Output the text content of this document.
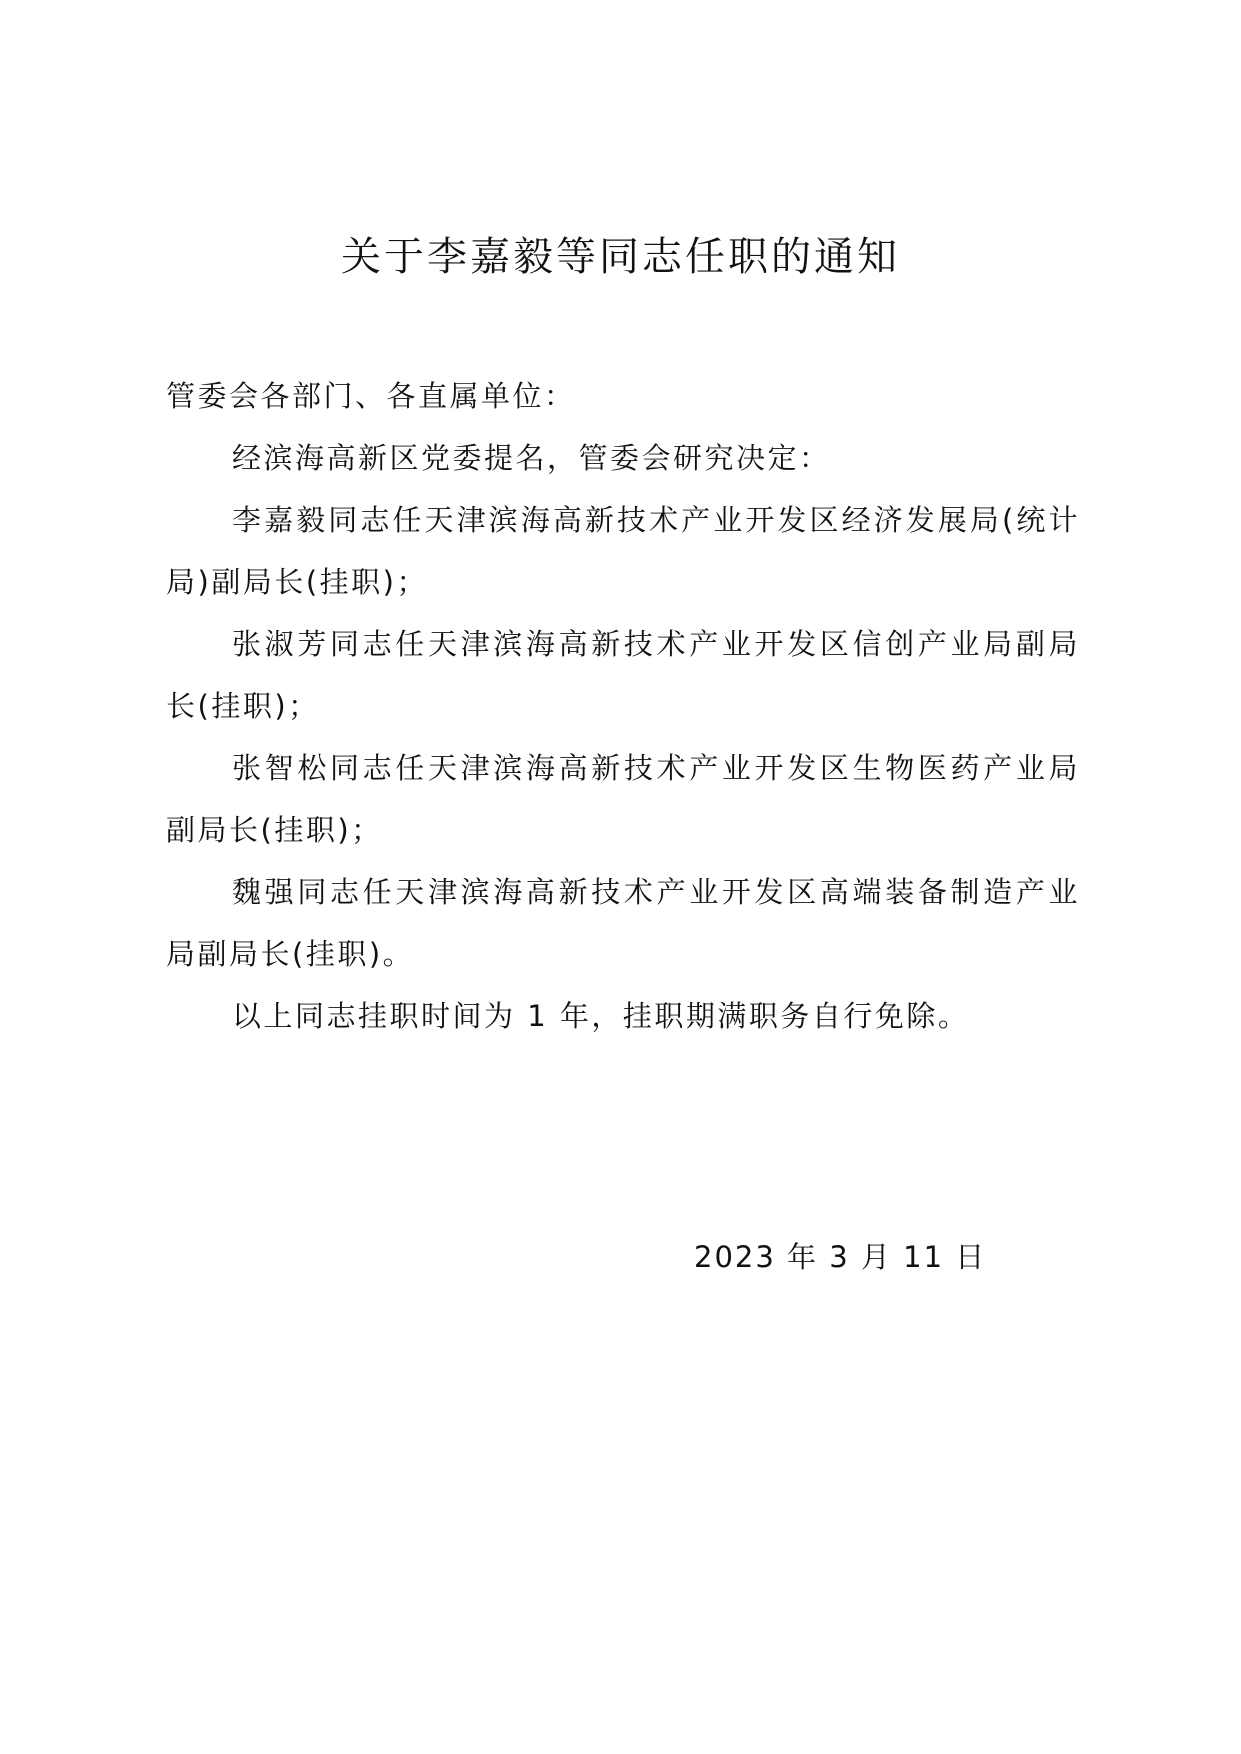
关于李嘉毅等同志任职的通知

管委会各部门、各直属单位：

经滨海高新区党委提名，管委会研究决定：

李嘉毅同志任天津滨海高新技术产业开发区经济发展局(统计局)副局长(挂职)；

张淑芳同志任天津滨海高新技术产业开发区信创产业局副局长(挂职)；

张智松同志任天津滨海高新技术产业开发区生物医药产业局副局长(挂职)；

魏强同志任天津滨海高新技术产业开发区高端装备制造产业局副局长(挂职)。

以上同志挂职时间为 1 年，挂职期满职务自行免除。

2023 年 3 月 11 日
